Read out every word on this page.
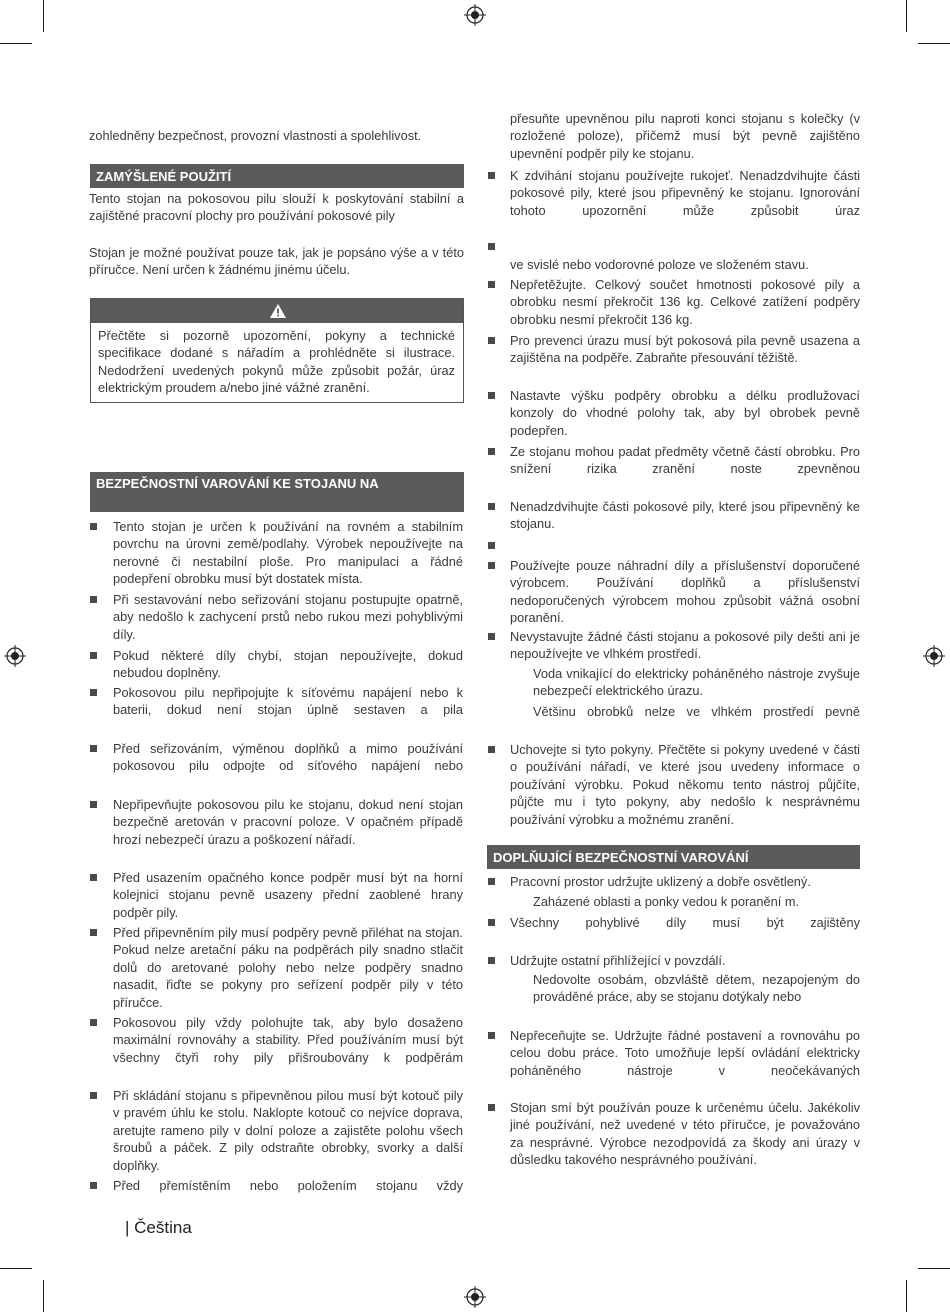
zohledněny bezpečnost, provozní vlastnosti a spolehlivost.
ZAMÝŠLENÉ POUŽITÍ
Tento stojan na pokosovou pilu slouží k poskytování stabilní a zajištěné pracovní plochy pro používání pokosové pily
Stojan je možné používat pouze tak, jak je popsáno výše a v této příručce. Není určen k žádnému jinému účelu.
Přečtěte si pozorně upozornění, pokyny a technické specifikace dodané s nářadím a prohlédněte si ilustrace. Nedodržení uvedených pokynů může způsobit požár, úraz elektrickým proudem a/nebo jiné vážné zranění.
BEZPEČNOSTNÍ VAROVÁNÍ KE STOJANU NA
Tento stojan je určen k používání na rovném a stabilním povrchu na úrovni země/podlahy. Výrobek nepoužívejte na nerovné či nestabilní ploše. Pro manipulaci a řádné podepření obrobku musí být dostatek místa.
Při sestavování nebo seřizování stojanu postupujte opatrně, aby nedošlo k zachycení prstů nebo rukou mezi pohyblivými díly.
Pokud některé díly chybí, stojan nepoužívejte, dokud nebudou doplněny.
Pokosovou pilu nepřipojujte k síťovému napájení nebo k baterii, dokud není stojan úplně sestaven a pila
Před seřizováním, výměnou doplňků a mimo používání pokosovou pilu odpojte od síťového napájení nebo
Nepřipevňujte pokosovou pilu ke stojanu, dokud není stojan bezpečně aretován v pracovní poloze. V opačném případě hrozí nebezpečí úrazu a poškození nářadí.
Před usazením opačného konce podpěr musí být na horní kolejnici stojanu pevně usazeny přední zaoblené hrany podpěr pily.
Před připevněním pily musí podpěry pevně přiléhat na stojan. Pokud nelze aretační páku na podpěrách pily snadno stlačit dolů do aretované polohy nebo nelze podpěry snadno nasadit, řiďte se pokyny pro seřízení podpěr pily v této příručce.
Pokosovou pily vždy polohujte tak, aby bylo dosaženo maximální rovnováhy a stability. Před používáním musí být všechny čtyři rohy pily přišroubovány k podpěrám
Při skládání stojanu s připevněnou pilou musí být kotouč pily v pravém úhlu ke stolu. Naklopte kotouč co nejvíce doprava, aretujte rameno pily v dolní poloze a zajistěte polohu všech šroubů a páček. Z pily odstraňte obrobky, svorky a další doplňky.
Před přemístěním nebo položením stojanu vždy
| Čeština
přesuňte upevněnou pilu naproti konci stojanu s kolečky (v rozložené poloze), přičemž musí být pevně zajištěno upevnění podpěr pily ke stojanu.
K zdvihání stojanu používejte rukojeť. Nenadzdvihujte části pokosové pily, které jsou připevněný ke stojanu. Ignorování tohoto upozornění může způsobit úraz
ve svislé nebo vodorovné poloze ve složeném stavu.
Nepřetěžujte. Celkový součet hmotnosti pokosové pily a obrobku nesmí překročit 136 kg. Celkové zatížení podpěry obrobku nesmí překročit 136 kg.
Pro prevenci úrazu musí být pokosová pila pevně usazena a zajištěna na podpěře. Zabraňte přesouvání těžiště.
Nastavte výšku podpěry obrobku a délku prodlužovací konzoly do vhodné polohy tak, aby byl obrobek pevně podepřen.
Ze stojanu mohou padat předměty včetně částí obrobku. Pro snížení rizika zranění noste zpevněnou
Nenadzdvihujte části pokosové pily, které jsou připevněný ke stojanu.
Používejte pouze náhradní díly a příslušenství doporučené výrobcem. Používání doplňků a příslušenství nedoporučených výrobcem mohou způsobit vážná osobní poranění.
Nevystavujte žádné části stojanu a pokosové pily dešti ani je nepoužívejte ve vlhkém prostředí.
Voda vnikající do elektricky poháněného nástroje zvyšuje nebezpečí elektrického úrazu.
Většinu obrobků nelze ve vlhkém prostředí pevně
Uchovejte si tyto pokyny. Přečtěte si pokyny uvedené v části o používání nářadí, ve které jsou uvedeny informace o používání výrobku. Pokud někomu tento nástroj půjčíte, půjčte mu i tyto pokyny, aby nedošlo k nesprávnému používání výrobku a možnému zranění.
DOPLŇUJÍCÍ BEZPEČNOSTNÍ VAROVÁNÍ
Pracovní prostor udržujte uklizený a dobře osvětlený.
Zaházené oblasti a ponky vedou k poranění m.
Všechny pohyblivé díly musí být zajištěny
Udržujte ostatní přihlížející v povzdálí.
Nedovolte osobám, obzvláště dětem, nezapojeným do prováděné práce, aby se stojanu dotýkaly nebo
Nepřeceňujte se. Udržujte řádné postavení a rovnováhu po celou dobu práce. Toto umožňuje lepší ovládání elektricky poháněného nástroje v neočekávaných
Stojan smí být používán pouze k určenému účelu. Jakékoliv jiné používání, než uvedené v této příručce, je považováno za nesprávné. Výrobce nezodpovídá za škody ani úrazy v důsledku takového nesprávného používání.
